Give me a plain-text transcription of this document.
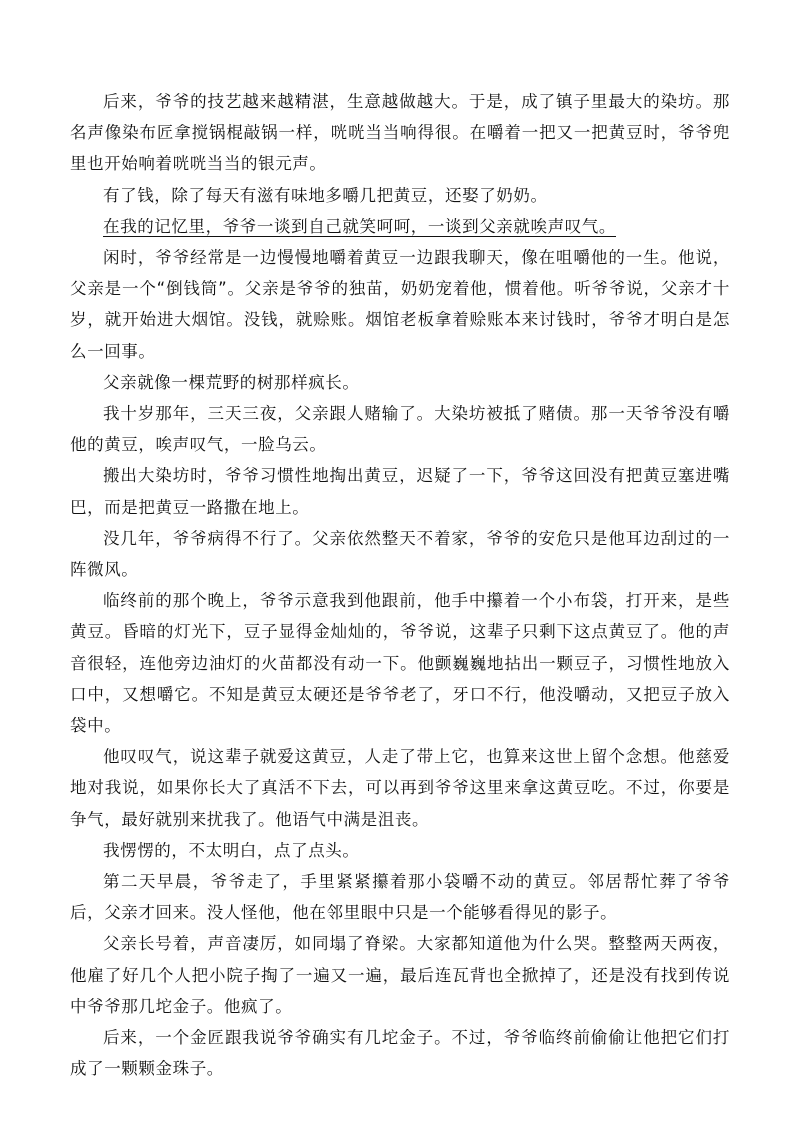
后来，爷爷的技艺越来越精湛，生意越做越大。于是，成了镇子里最大的染坊。那名声像染布匠拿搅锅棍敲锅一样，咣咣当当响得很。在嚼着一把又一把黄豆时，爷爷兜里也开始响着咣咣当当的银元声。

有了钱，除了每天有滋有味地多嚼几把黄豆，还娶了奶奶。

在我的记忆里，爷爷一谈到自己就笑呵呵，一谈到父亲就唉声叹气。

闲时，爷爷经常是一边慢慢地嚼着黄豆一边跟我聊天，像在咀嚼他的一生。他说，父亲是一个“倒钱筒”。父亲是爷爷的独苗，奶奶宠着他，惯着他。听爷爷说，父亲才十岁，就开始进大烟馆。没钱，就赊账。烟馆老板拿着赊账本来讨钱时，爷爷才明白是怎么一回事。

父亲就像一棵荒野的树那样疯长。

我十岁那年，三天三夜，父亲跟人赌输了。大染坊被抵了赌债。那一天爷爷没有嚼他的黄豆，唉声叹气，一脸乌云。

搬出大染坊时，爷爷习惯性地掏出黄豆，迟疑了一下，爷爷这回没有把黄豆塞进嘴巴，而是把黄豆一路撒在地上。

没几年，爷爷病得不行了。父亲依然整天不着家，爷爷的安危只是他耳边刮过的一阵微风。

临终前的那个晚上，爷爷示意我到他跟前，他手中攥着一个小布袋，打开来，是些黄豆。昏暗的灯光下，豆子显得金灿灿的，爷爷说，这辈子只剩下这点黄豆了。他的声音很轻，连他旁边油灯的火苗都没有动一下。他颤巍巍地拈出一颗豆子，习惯性地放入口中，又想嚼它。不知是黄豆太硬还是爷爷老了，牙口不行，他没嚼动，又把豆子放入袋中。

他叹叹气，说这辈子就爱这黄豆，人走了带上它，也算来这世上留个念想。他慈爱地对我说，如果你长大了真活不下去，可以再到爷爷这里来拿这黄豆吃。不过，你要是争气，最好就别来扰我了。他语气中满是沮丧。

我愣愣的，不太明白，点了点头。

第二天早晨，爷爷走了，手里紧紧攥着那小袋嚼不动的黄豆。邻居帮忙葬了爷爷后，父亲才回来。没人怪他，他在邻里眼中只是一个能够看得见的影子。

父亲长号着，声音凄厉，如同塌了脊梁。大家都知道他为什么哭。整整两天两夜，他雇了好几个人把小院子掏了一遍又一遍，最后连瓦背也全掀掉了，还是没有找到传说中爷爷那几坨金子。他疯了。

后来，一个金匠跟我说爷爷确实有几坨金子。不过，爷爷临终前偷偷让他把它们打成了一颗颗金珠子。
